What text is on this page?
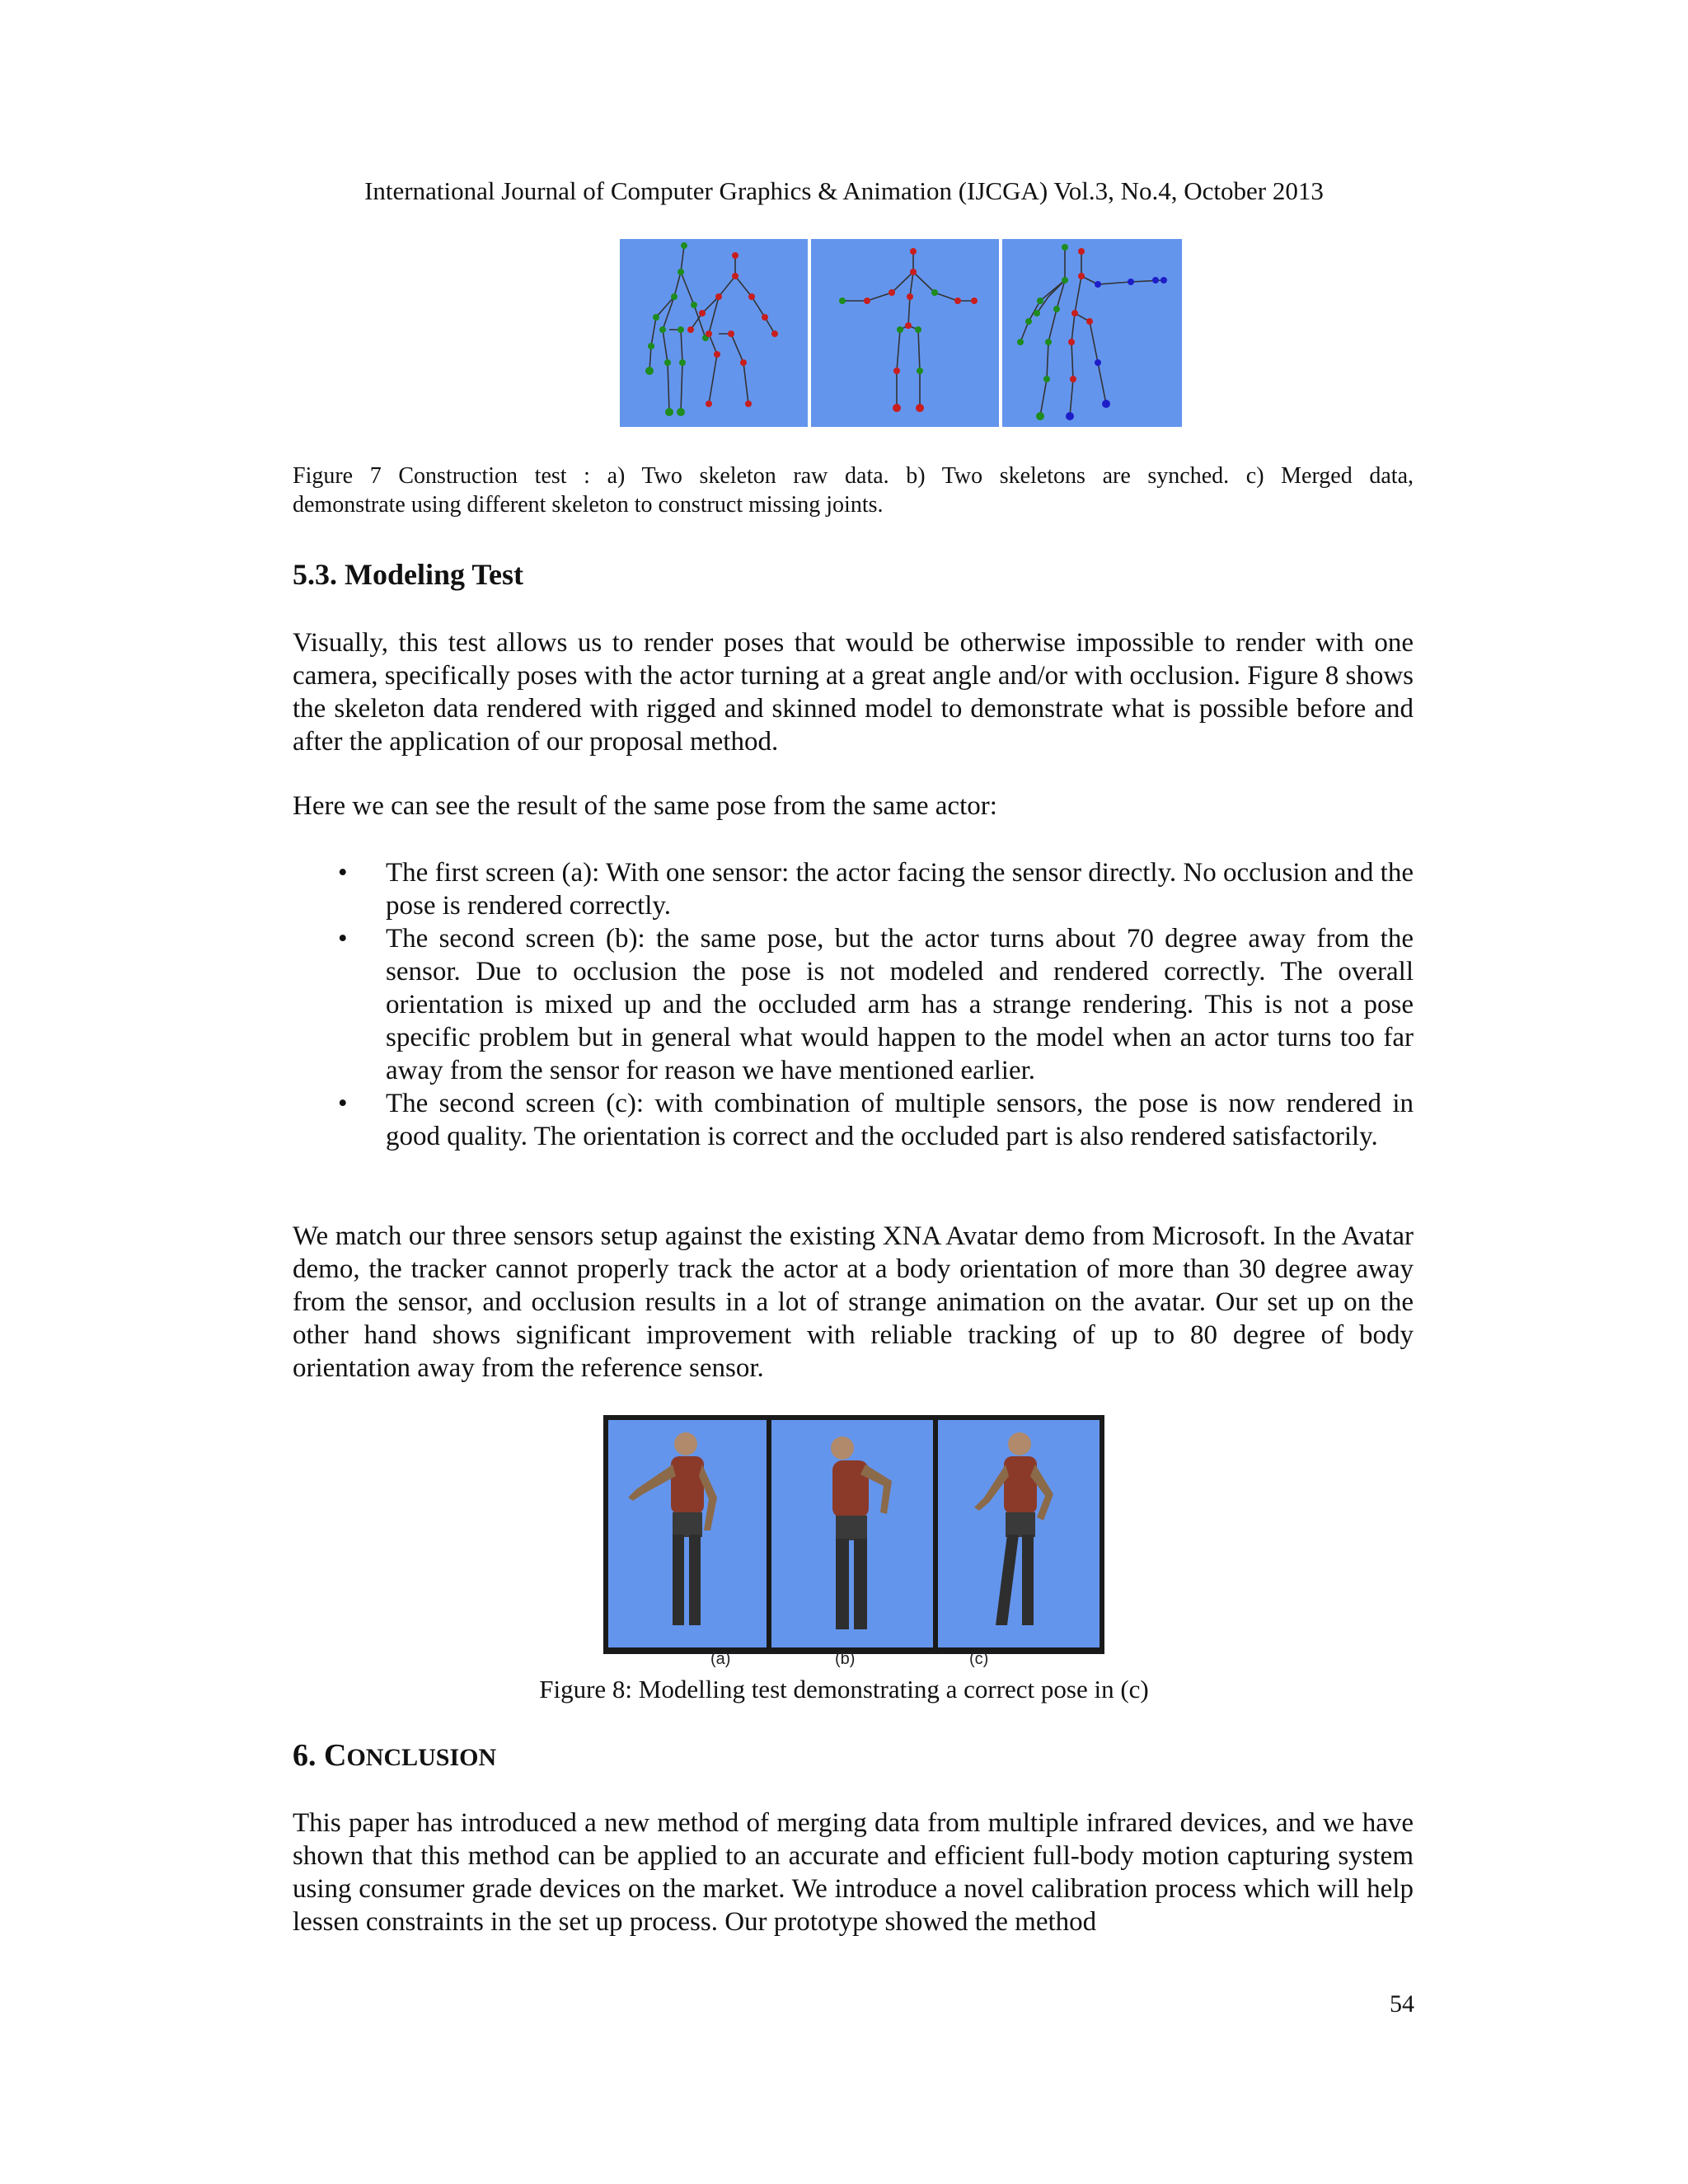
International Journal of Computer Graphics & Animation (IJCGA) Vol.3, No.4, October 2013
Figure 7 Construction test : a) Two skeleton raw data. b) Two skeletons are synched. c) Merged data,
demonstrate using different skeleton to construct missing joints.
5.3. Modeling Test

Visually, this test allows us to render poses that would be otherwise impossible to render with one camera, specifically poses with the actor turning at a great angle and/or with occlusion. Figure 8 shows the skeleton data rendered with rigged and skinned model to demonstrate what is possible before and after the application of our proposal method.

Here we can see the result of the same pose from the same actor:

• The first screen (a): With one sensor: the actor facing the sensor directly. No occlusion and the pose is rendered correctly.
• The second screen (b): the same pose, but the actor turns about 70 degree away from the sensor. Due to occlusion the pose is not modeled and rendered correctly. The overall orientation is mixed up and the occluded arm has a strange rendering. This is not a pose specific problem but in general what would happen to the model when an actor turns too far away from the sensor for reason we have mentioned earlier.
• The second screen (c): with combination of multiple sensors, the pose is now rendered in good quality. The orientation is correct and the occluded part is also rendered satisfactorily.

We match our three sensors setup against the existing XNA Avatar demo from Microsoft. In the Avatar demo, the tracker cannot properly track the actor at a body orientation of more than 30 degree away from the sensor, and occlusion results in a lot of strange animation on the avatar. Our set up on the other hand shows significant improvement with reliable tracking of up to 80 degree of body orientation away from the reference sensor.

(a)	(b)	(c)
Figure 8: Modelling test demonstrating a correct pose in (c)
6. CONCLUSION

This paper has introduced a new method of merging data from multiple infrared devices, and we have shown that this method can be applied to an accurate and efficient full-body motion capturing system using consumer grade devices on the market. We introduce a novel calibration process which will help lessen constraints in the set up process. Our prototype showed the method

54
